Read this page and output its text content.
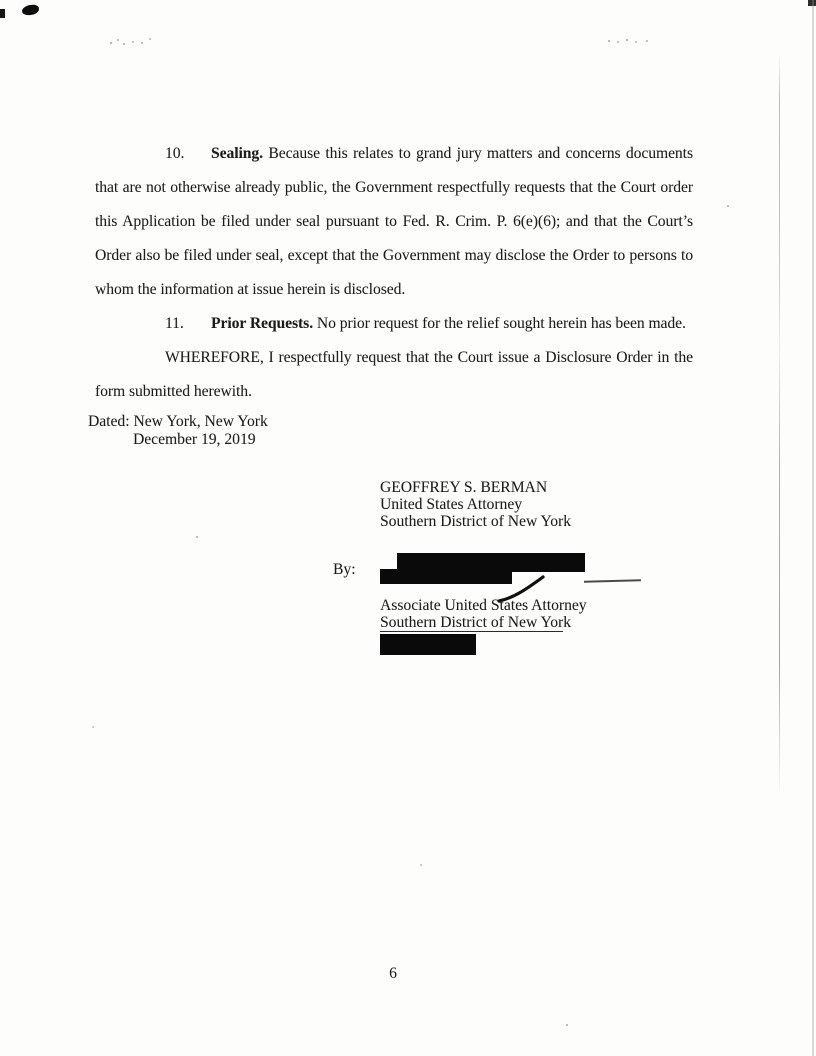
10. Sealing. Because this relates to grand jury matters and concerns documents that are not otherwise already public, the Government respectfully requests that the Court order this Application be filed under seal pursuant to Fed. R. Crim. P. 6(e)(6); and that the Court’s Order also be filed under seal, except that the Government may disclose the Order to persons to whom the information at issue herein is disclosed.

11. Prior Requests. No prior request for the relief sought herein has been made.

WHEREFORE, I respectfully request that the Court issue a Disclosure Order in the form submitted herewith.

Dated: New York, New York
December 19, 2019
GEOFFREY S. BERMAN
United States Attorney
Southern District of New York
By:
Associate United States Attorney
Southern District of New York
6
